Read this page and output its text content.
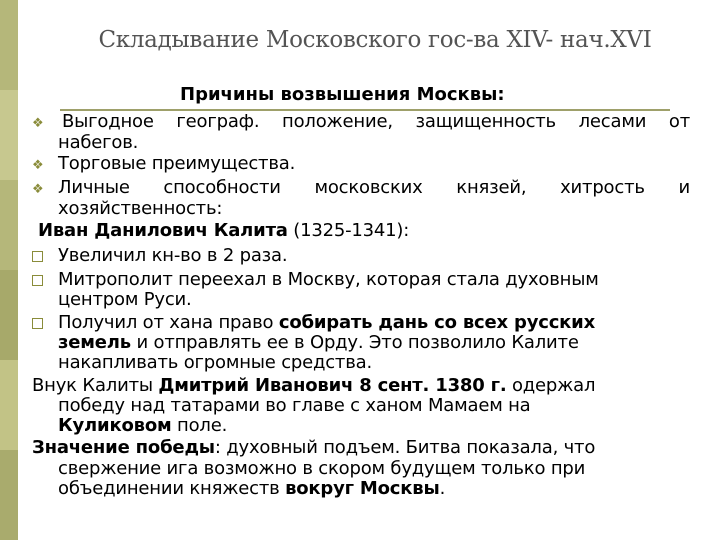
Складывание Московского гос-ва XIV- нач.XVI
Причины возвышения Москвы:
❖ Выгодное географ. положение, защищенность лесами от
набегов.
❖ Торговые преимущества.
❖ Личные способности московских князей, хитрость и
хозяйственность:
Иван Данилович Калита (1325-1341):
Увеличил кн-во в 2 раза.
Митрополит переехал в Москву, которая стала духовным
центром Руси.
Получил от хана право собирать дань со всех русских
земель и отправлять ее в Орду. Это позволило Калите
накапливать огромные средства.
Внук Калиты Дмитрий Иванович 8 сент. 1380 г. одержал
победу над татарами во главе с ханом Мамаем на
Куликовом поле.
Значение победы: духовный подъем. Битва показала, что
свержение ига возможно в скором будущем только при
объединении княжеств вокруг Москвы.
